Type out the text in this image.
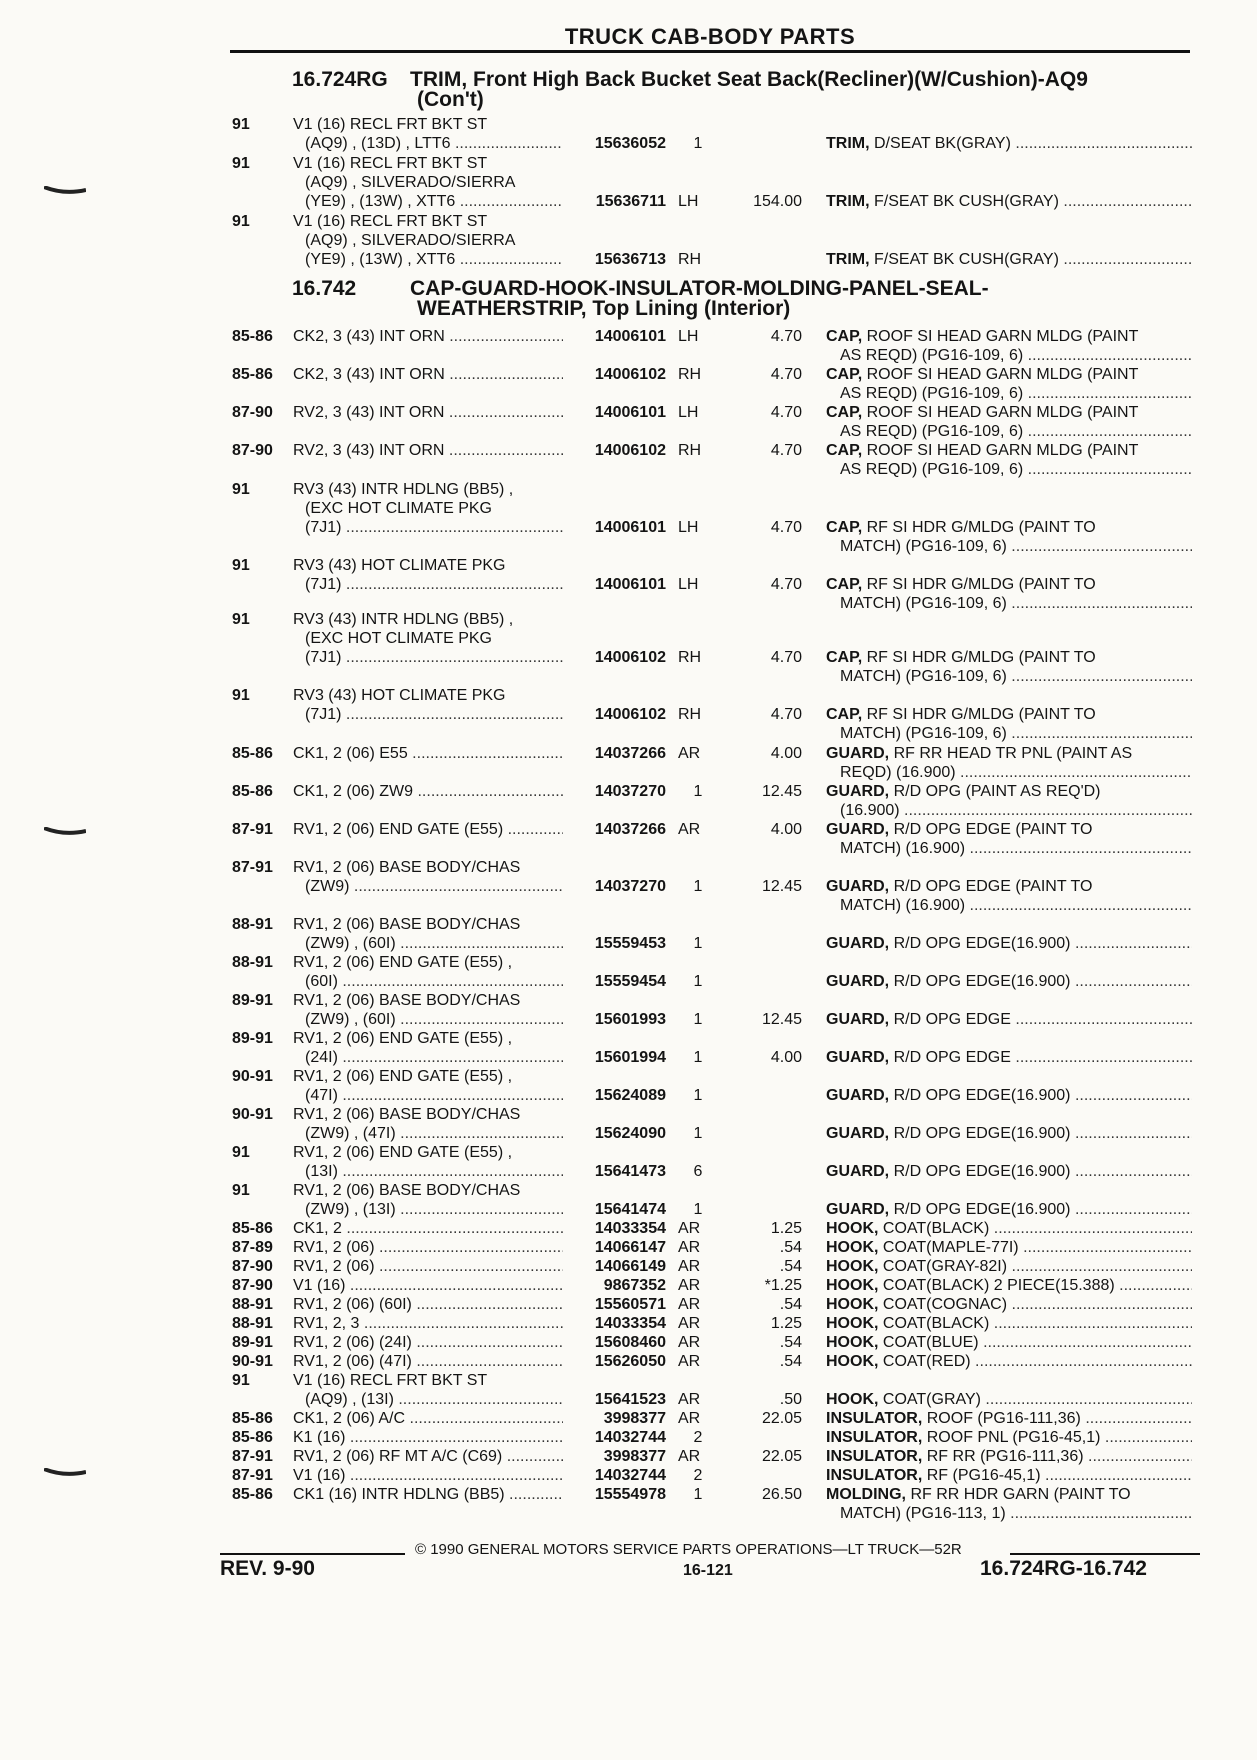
TRUCK CAB-BODY PARTS
16.724RG TRIM, Front High Back Bucket Seat Back(Recliner)(W/Cushion)-AQ9
(Con't)
16.742	CAP-GUARD-HOOK-INSULATOR-MOLDING-PANEL-SEAL-
WEATHERSTRIP, Top Lining (Interior)
91	V1 (16) RECL FRT BKT ST
(AQ9) , (13D) , LTT6 .....	15636052	1	TRIM, D/SEAT BK(GRAY) .....
91	V1 (16) RECL FRT BKT ST
(AQ9) , SILVERADO/SIERRA
(YE9) , (13W) , XTT6 .....	15636711 LH	154.00 TRIM, F/SEAT BK CUSH(GRAY) .....
91	V1 (16) RECL FRT BKT ST
(AQ9) , SILVERADO/SIERRA
(YE9) , (13W) , XTT6 .....	15636713 RH	TRIM, F/SEAT BK CUSH(GRAY) .....
85-86 CK2, 3 (43) INT ORN .....	14006101 LH	4.70 CAP, ROOF SI HEAD GARN MLDG (PAINT
AS REQD) (PG16-109, 6) .....
85-86 CK2, 3 (43) INT ORN .....	14006102 RH	4.70 CAP, ROOF SI HEAD GARN MLDG (PAINT
AS REQD) (PG16-109, 6) .....
87-90 RV2, 3 (43) INT ORN .....	14006101 LH	4.70 CAP, ROOF SI HEAD GARN MLDG (PAINT
AS REQD) (PG16-109, 6) .....
87-90 RV2, 3 (43) INT ORN .....	14006102 RH	4.70 CAP, ROOF SI HEAD GARN MLDG (PAINT
AS REQD) (PG16-109, 6) .....
91	RV3 (43) INTR HDLNG (BB5) ,
(EXC HOT CLIMATE PKG
(7J1) .....	14006101 LH	4.70 CAP, RF SI HDR G/MLDG (PAINT TO
MATCH) (PG16-109, 6) .....
91	RV3 (43) HOT CLIMATE PKG
(7J1) .....	14006101 LH	4.70 CAP, RF SI HDR G/MLDG (PAINT TO
MATCH) (PG16-109, 6) .....
91	RV3 (43) INTR HDLNG (BB5) ,
(EXC HOT CLIMATE PKG
(7J1) .....	14006102 RH	4.70 CAP, RF SI HDR G/MLDG (PAINT TO
MATCH) (PG16-109, 6) .....
91	RV3 (43) HOT CLIMATE PKG
(7J1) .....	14006102 RH	4.70 CAP, RF SI HDR G/MLDG (PAINT TO
MATCH) (PG16-109, 6) .....
85-86 CK1, 2 (06) E55 .....	14037266 AR	4.00 GUARD, RF RR HEAD TR PNL (PAINT AS
REQD) (16.900) .....
85-86 CK1, 2 (06) ZW9 .....	14037270	1	12.45 GUARD, R/D OPG (PAINT AS REQ'D)
(16.900) .....
87-91 RV1, 2 (06) END GATE (E55) .....	14037266 AR	4.00 GUARD, R/D OPG EDGE (PAINT TO
MATCH) (16.900) .....
87-91 RV1, 2 (06) BASE BODY/CHAS
(ZW9) .....	14037270	1	12.45 GUARD, R/D OPG EDGE (PAINT TO
MATCH) (16.900) .....
88-91 RV1, 2 (06) BASE BODY/CHAS
(ZW9) , (60I) .....	15559453	1	GUARD, R/D OPG EDGE(16.900) .....
88-91 RV1, 2 (06) END GATE (E55) ,
(60I) .....	15559454	1	GUARD, R/D OPG EDGE(16.900) .....
89-91 RV1, 2 (06) BASE BODY/CHAS
(ZW9) , (60I) .....	15601993	1	12.45 GUARD, R/D OPG EDGE .....
89-91 RV1, 2 (06) END GATE (E55) ,
(24I) .....	15601994	1	4.00 GUARD, R/D OPG EDGE .....
90-91 RV1, 2 (06) END GATE (E55) ,
(47I) .....	15624089	1	GUARD, R/D OPG EDGE(16.900) .....
90-91 RV1, 2 (06) BASE BODY/CHAS
(ZW9) , (47I) .....	15624090	1	GUARD, R/D OPG EDGE(16.900) .....
91	RV1, 2 (06) END GATE (E55) ,
(13I) .....	15641473	6	GUARD, R/D OPG EDGE(16.900) .....
91	RV1, 2 (06) BASE BODY/CHAS
(ZW9) , (13I) .....	15641474	1	GUARD, R/D OPG EDGE(16.900) .....
85-86 CK1, 2 .....	14033354 AR	1.25 HOOK, COAT(BLACK) .....
87-89 RV1, 2 (06) .....	14066147 AR	.54 HOOK, COAT(MAPLE-77I) .....
87-90 RV1, 2 (06) .....	14066149 AR	.54 HOOK, COAT(GRAY-82I) .....
87-90 V1 (16) .....	9867352 AR	*1.25 HOOK, COAT(BLACK) 2 PIECE(15.388) .....
88-91 RV1, 2 (06) (60I) .....	15560571 AR	.54 HOOK, COAT(COGNAC) .....
88-91 RV1, 2, 3 .....	14033354 AR	1.25 HOOK, COAT(BLACK) .....
89-91 RV1, 2 (06) (24I) .....	15608460 AR	.54 HOOK, COAT(BLUE) .....
90-91 RV1, 2 (06) (47I) .....	15626050 AR	.54 HOOK, COAT(RED) .....
91	V1 (16) RECL FRT BKT ST
(AQ9) , (13I) .....	15641523 AR	.50 HOOK, COAT(GRAY) .....
85-86 CK1, 2 (06) A/C .....	3998377 AR	22.05 INSULATOR, ROOF (PG16-111,36) .....
85-86 K1 (16) .....	14032744	2	INSULATOR, ROOF PNL (PG16-45,1) .....
87-91 RV1, 2 (06) RF MT A/C (C69) .....	3998377 AR	22.05 INSULATOR, RF RR (PG16-111,36) .....
87-91 V1 (16) .....	14032744	2	INSULATOR, RF (PG16-45,1) .....
85-86 CK1 (16) INTR HDLNG (BB5) .....	15554978	1	26.50 MOLDING, RF RR HDR GARN (PAINT TO
MATCH) (PG16-113, 1) .....
© 1990 GENERAL MOTORS SERVICE PARTS OPERATIONS—LT TRUCK—52R
REV. 9-90	16-121	16.724RG-16.742
